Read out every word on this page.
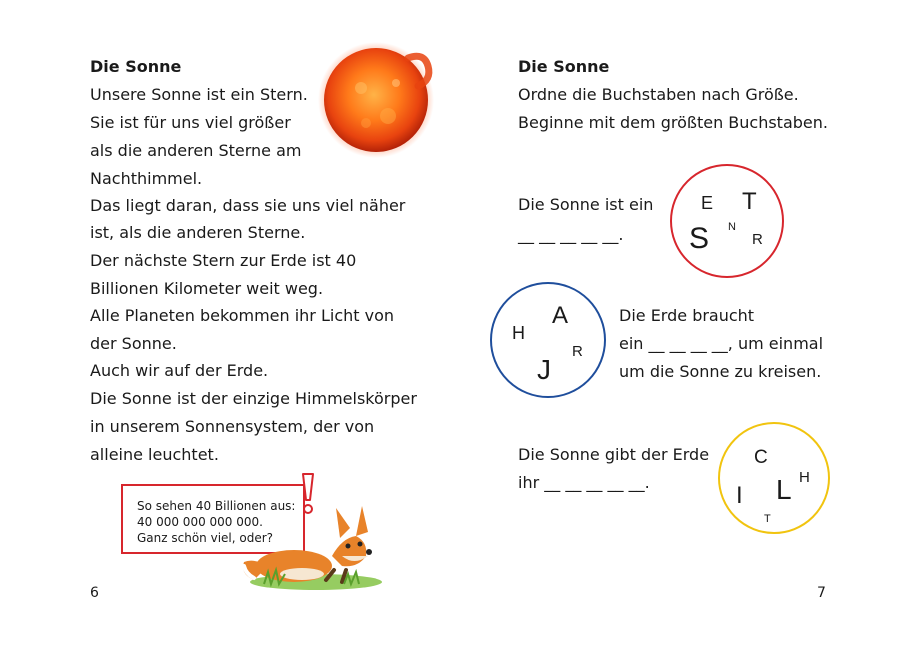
Die Sonne
Unsere Sonne ist ein Stern.
Sie ist für uns viel größer
als die anderen Sterne am
Nachthimmel.
Das liegt daran, dass sie uns viel näher
ist, als die anderen Sterne.
Der nächste Stern zur Erde ist 40
Billionen Kilometer weit weg.
Alle Planeten bekommen ihr Licht von
der Sonne.
Auch wir auf der Erde.
Die Sonne ist der einzige Himmelskörper
in unserem Sonnensystem, der von
alleine leuchtet.
So sehen 40 Billionen aus:
40 000 000 000 000.
Ganz schön viel, oder?
6
Die Sonne
Ordne die Buchstaben nach Größe.
Beginne mit dem größten Buchstaben.
Die Sonne ist ein
__ __ __ __ __.
E T
N
S	R
A
H
R
J
Die Erde braucht
ein __ __ __ __, um einmal
um die Sonne zu kreisen.
Die Sonne gibt der Erde
ihr __ __ __ __ __.
C
H
I L
T
7
